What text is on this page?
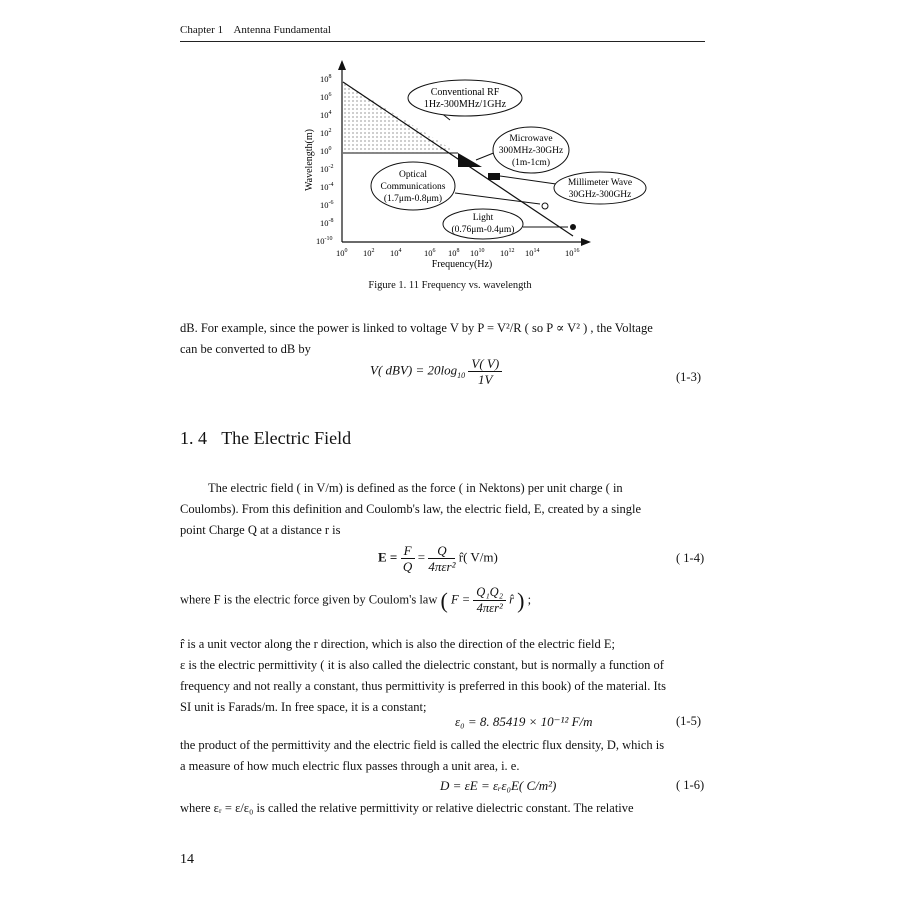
Chapter 1 Antenna Fundamental
Conventional RF
1Hz-300MHz/1GHz
Microwave
300MHz-30GHz
(1m-1cm)
Millimeter Wave
30GHz-300GHz
Optical
Communications
(1.7μm-0.8μm)
Light
(0.76μm-0.4μm)
$10^8$
$10^6$
$10^4$
$10^2$
$10^0$
$10^{-2}$
$10^{-4}$
$10^{-6}$
$10^{-8}$
$10^{-10}$
$10^0$ $10^2$ $10^4$	$10^6$ $10^8$ $10^{10}$ $10^{12}$ $10^{14}$	$10^{16}$
Frequency(Hz)
Wavelength(m)
Figure 1. 11 Frequency vs. wavelength
dB. For example, since the power is linked to voltage V by P = V²/R ( so P ∝ V² ) , the Voltage
can be converted to dB by
V( $dBV) = 20\log_{10} \frac{V( V)}{1V}$	(1-3)
1. 4 The Electric Field
The electric field ( in V/m) is defined as the force ( in Nektons) per unit charge ( in
Coulombs). From this definition and Coulomb's law, the electric field, E, created by a single
point Charge Q at a distance r is
$E = \frac{F}{Q} = \frac{Q}{\text{4πεr²}}$ r̂( V/m)	( 1-4)
where F is the electric force given by Coulom's law ( $F = \frac{\text{Q₁Q₂}}{\text{4πεr²}}$ r̂ ) ;
r̂ is a unit vector along the r direction, which is also the direction of the electric field E;
ε is the electric permittivity ( it is also called the dielectric constant, but is normally a function of
frequency and not really a constant, thus permittivity is preferred in this book) of the material. Its
SI unit is Farads/m. In free space, it is a constant;
ε₀ = 8. 85419 × 10⁻¹² F/m	(1-5)
the product of the permittivity and the electric field is called the electric flux density, D, which is
a measure of how much electric flux passes through a unit area, i. e.
D = εE = εᵣε₀E( C/m²)	( 1-6)
where εᵣ = ε/ε₀ is called the relative permittivity or relative dielectric constant. The relative
14
